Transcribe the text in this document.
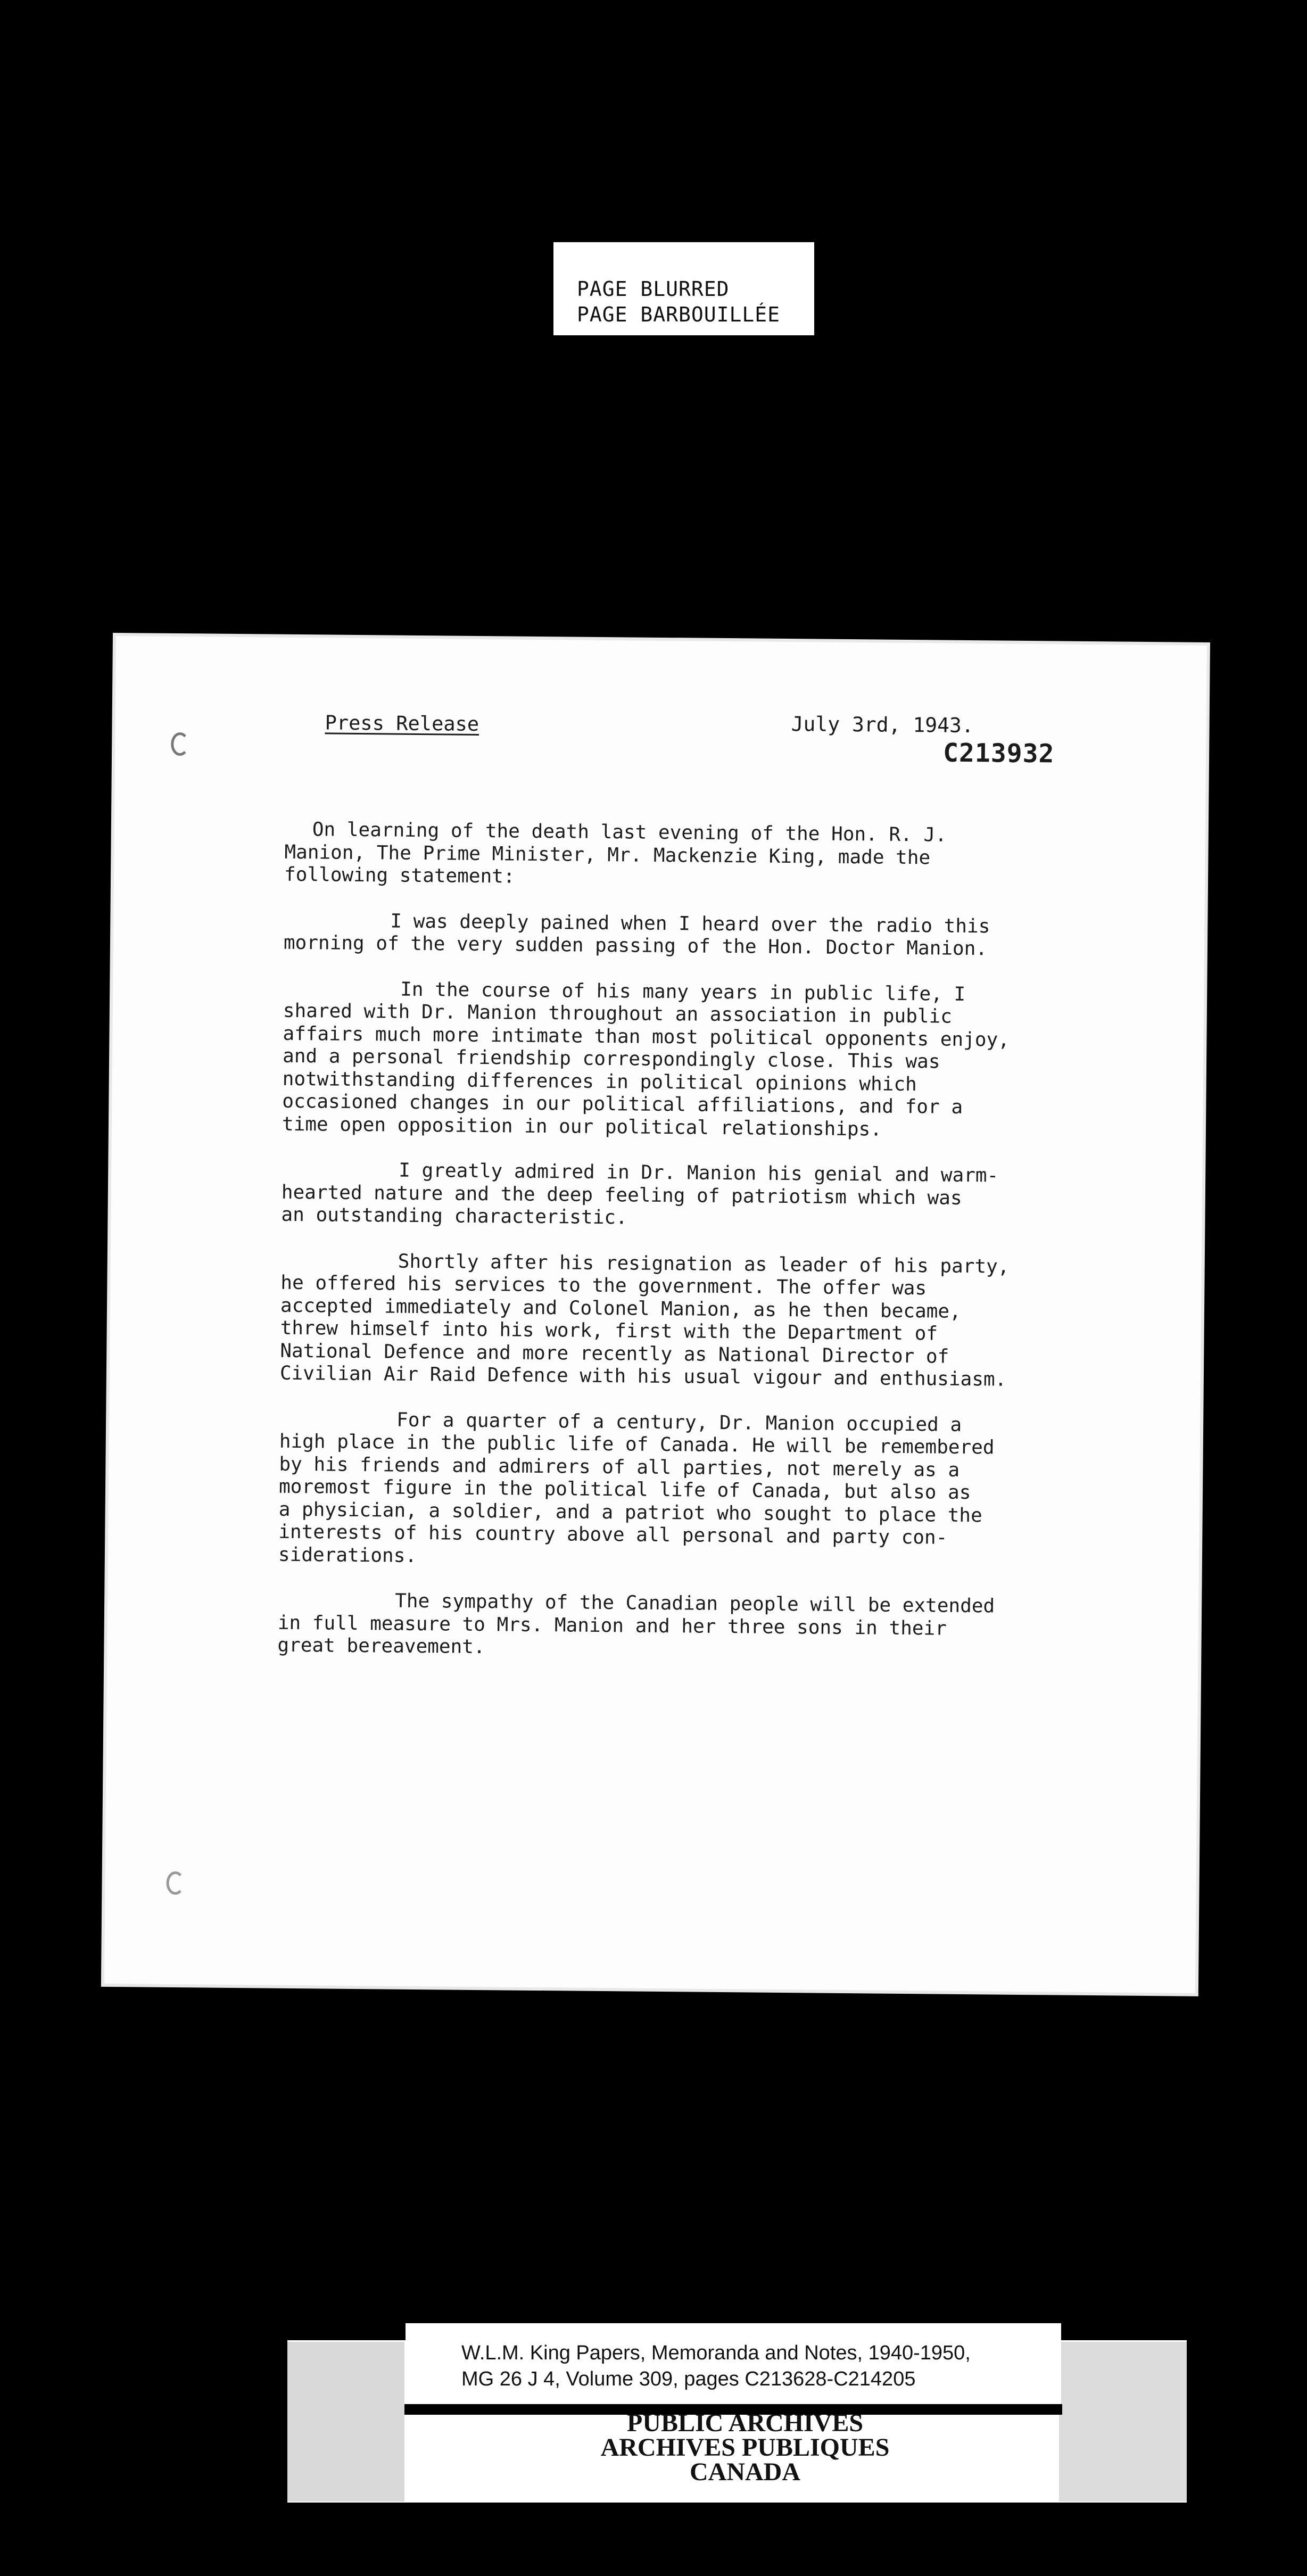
PAGE BLURRED
PAGE BARBOUILLÉE
Press Release	July 3rd, 1943.
C213932

On learning of the death last evening of the Hon. R. J.
Manion, The Prime Minister, Mr. Mackenzie King, made the
following statement:

I was deeply pained when I heard over the radio this
morning of the very sudden passing of the Hon. Doctor Manion.

In the course of his many years in public life, I
shared with Dr. Manion throughout an association in public
affairs much more intimate than most political opponents enjoy,
and a personal friendship correspondingly close. This was
notwithstanding differences in political opinions which
occasioned changes in our political affiliations, and for a
time open opposition in our political relationships.

I greatly admired in Dr. Manion his genial and warm-
hearted nature and the deep feeling of patriotism which was
an outstanding characteristic.

Shortly after his resignation as leader of his party,
he offered his services to the government. The offer was
accepted immediately and Colonel Manion, as he then became,
threw himself into his work, first with the Department of
National Defence and more recently as National Director of
Civilian Air Raid Defence with his usual vigour and enthusiasm.

For a quarter of a century, Dr. Manion occupied a
high place in the public life of Canada. He will be remembered
by his friends and admirers of all parties, not merely as a
moremost figure in the political life of Canada, but also as
a physician, a soldier, and a patriot who sought to place the
interests of his country above all personal and party con-
siderations.

The sympathy of the Canadian people will be extended
in full measure to Mrs. Manion and her three sons in their
great bereavement.

W.L.M. King Papers, Memoranda and Notes, 1940-1950,
MG 26 J 4, Volume 309, pages C213628-C214205
PUBLIC ARCHIVES
ARCHIVES PUBLIQUES
CANADA
